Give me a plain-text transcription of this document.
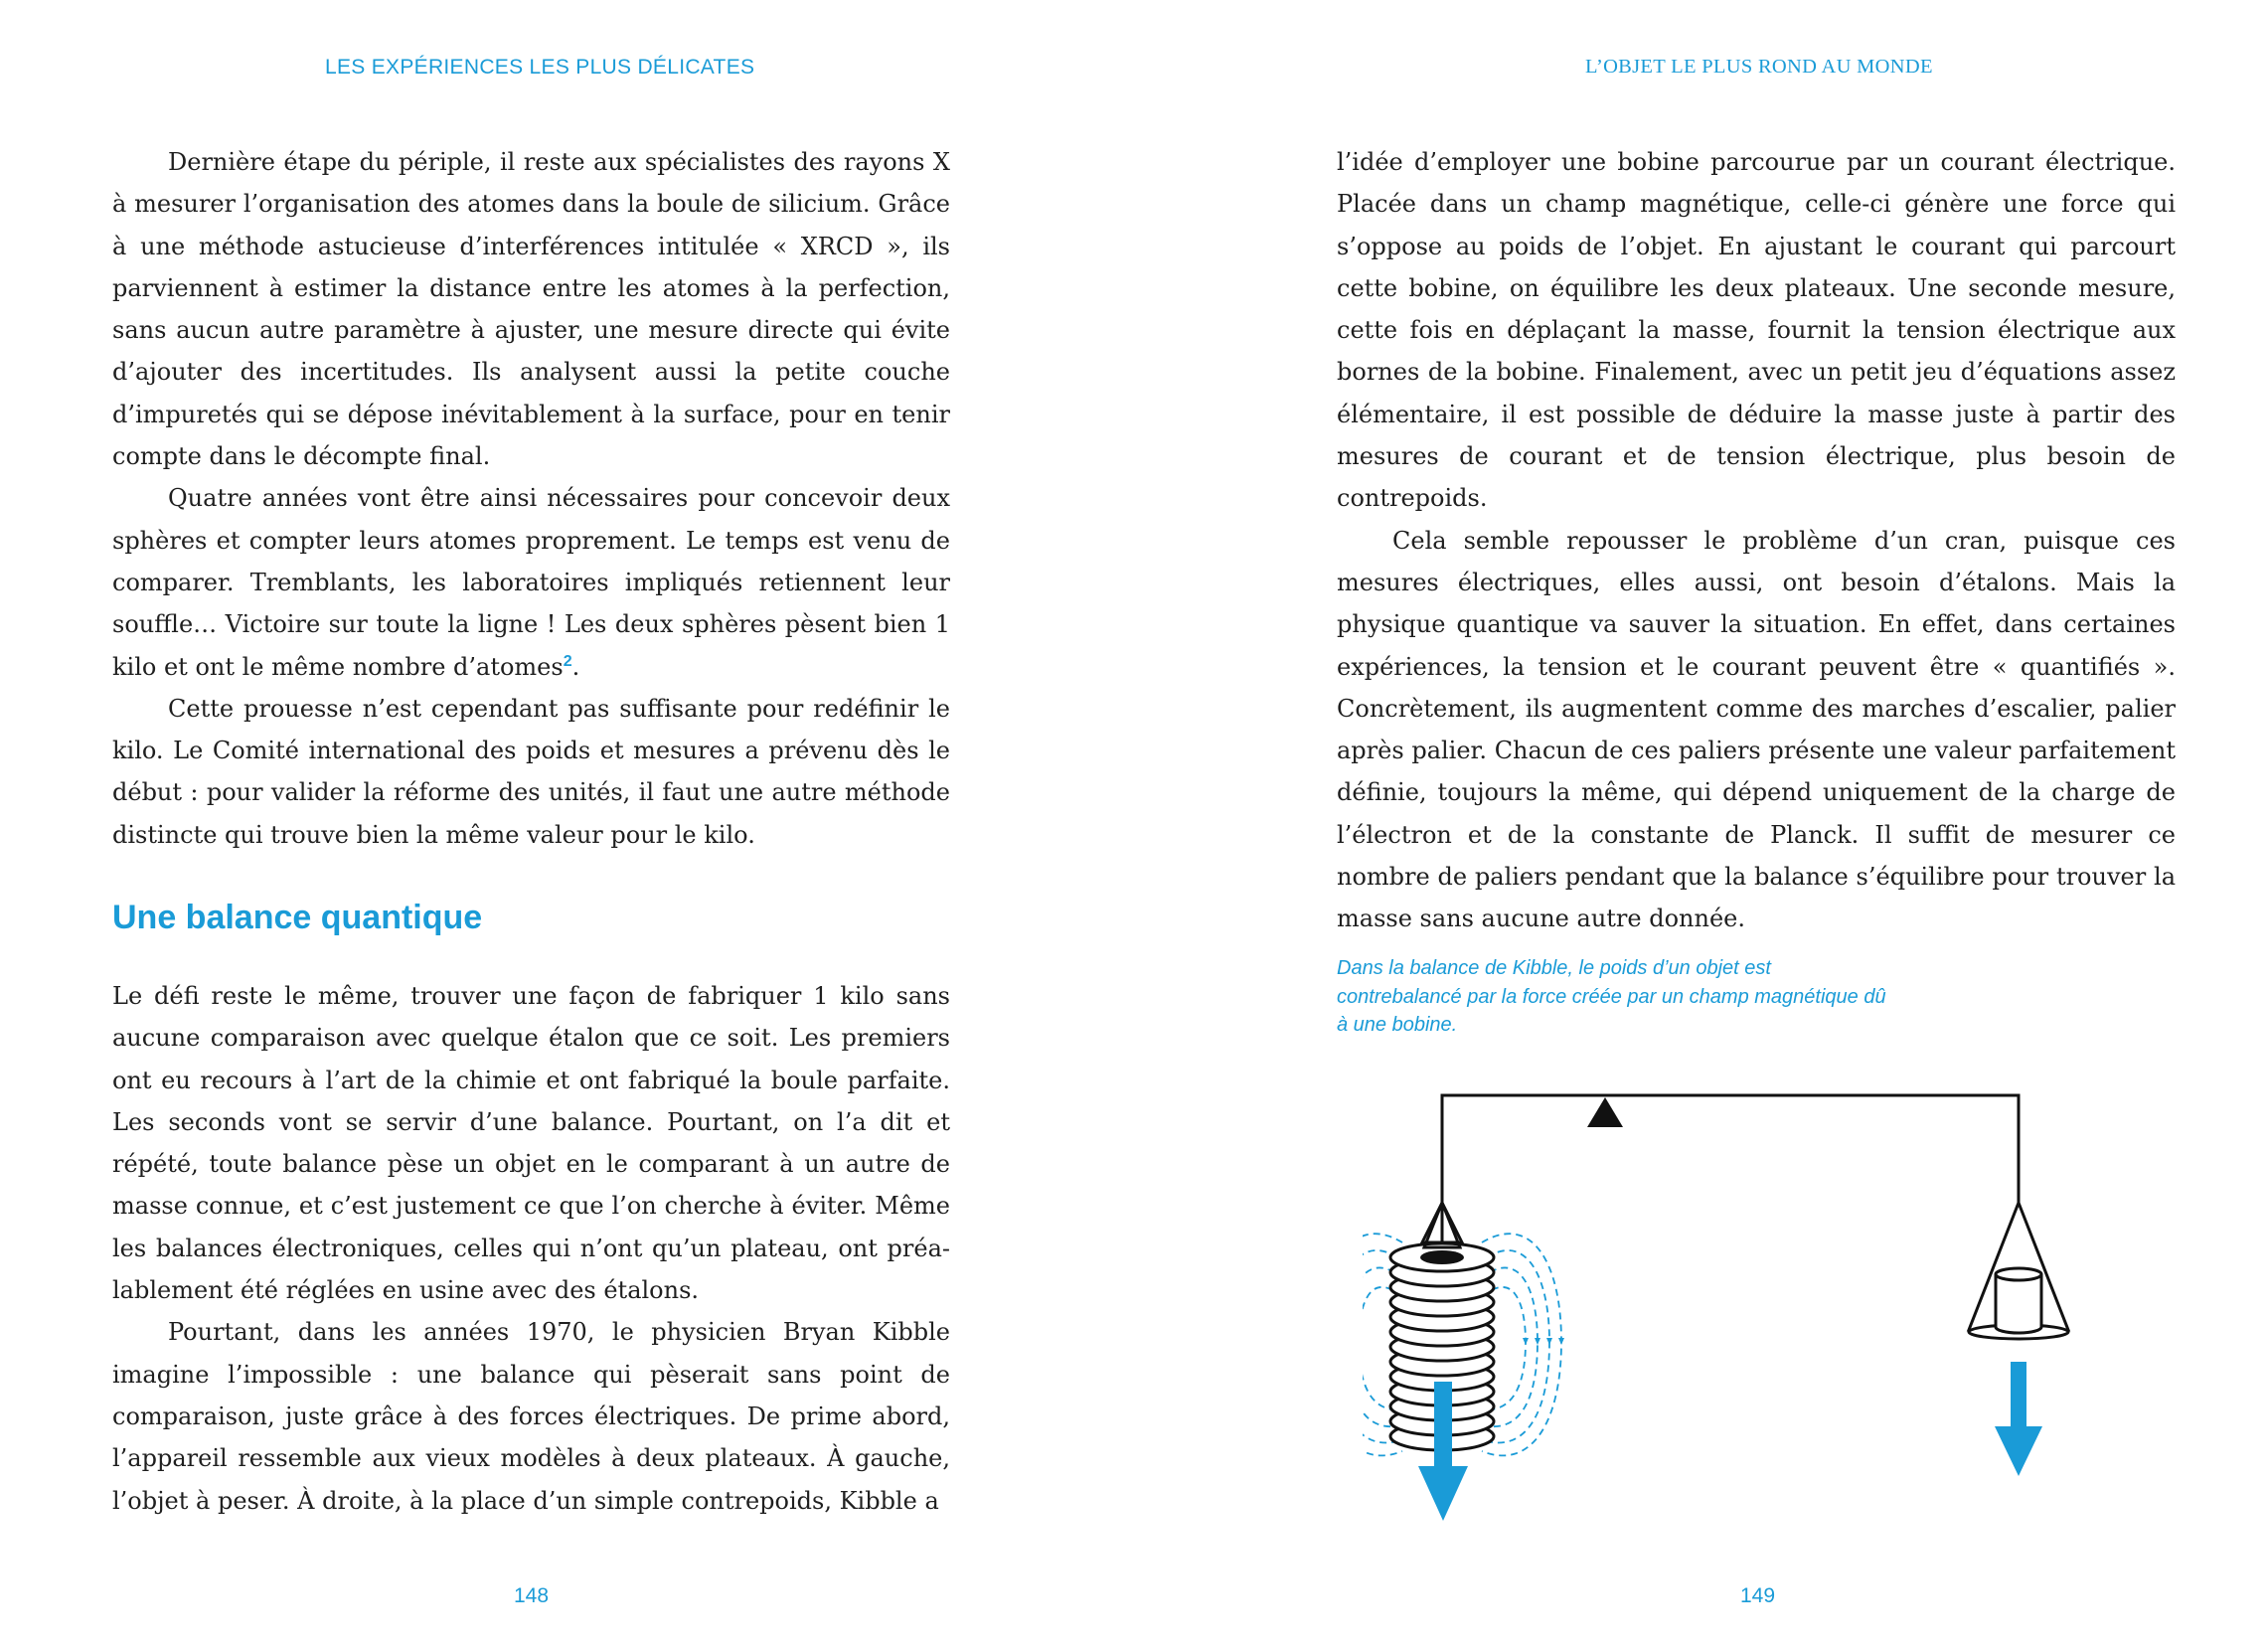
LES EXPÉRIENCES LES PLUS DÉLICATES

Dernière étape du périple, il reste aux spécialistes des rayons X à mesurer l’organisation des atomes dans la boule de silicium. Grâce à une méthode astucieuse d’interférences intitulée « XRCD », ils parviennent à estimer la distance entre les atomes à la perfection, sans aucun autre paramètre à ajuster, une mesure directe qui évite d’ajouter des incertitudes. Ils analysent aussi la petite couche d’impuretés qui se dépose inévitablement à la surface, pour en tenir compte dans le décompte final.

Quatre années vont être ainsi nécessaires pour concevoir deux sphères et compter leurs atomes proprement. Le temps est venu de comparer. Tremblants, les laboratoires impliqués retiennent leur souffle… Victoire sur toute la ligne ! Les deux sphères pèsent bien 1 kilo et ont le même nombre d’atomes$^2$.

Cette prouesse n’est cependant pas suffisante pour redéfinir le kilo. Le Comité international des poids et mesures a prévenu dès le début : pour valider la réforme des unités, il faut une autre méthode distincte qui trouve bien la même valeur pour le kilo.

Une balance quantique

Le défi reste le même, trouver une façon de fabriquer 1 kilo sans aucune comparaison avec quelque étalon que ce soit. Les premiers ont eu recours à l’art de la chimie et ont fabriqué la boule parfaite. Les seconds vont se servir d’une balance. Pourtant, on l’a dit et répété, toute balance pèse un objet en le comparant à un autre de masse connue, et c’est justement ce que l’on cherche à éviter. Même les balances électroniques, celles qui n’ont qu’un plateau, ont préalablement été réglées en usine avec des étalons.

Pourtant, dans les années 1970, le physicien Bryan Kibble imagine l’impossible : une balance qui pèserait sans point de comparaison, juste grâce à des forces électriques. De prime abord, l’appareil ressemble aux vieux modèles à deux plateaux. À gauche, l’objet à peser. À droite, à la place d’un simple contrepoids, Kibble a

148
L’OBJET LE PLUS ROND AU MONDE

l’idée d’employer une bobine parcourue par un courant électrique. Placée dans un champ magnétique, celle-ci génère une force qui s’oppose au poids de l’objet. En ajustant le courant qui parcourt cette bobine, on équilibre les deux plateaux. Une seconde mesure, cette fois en déplaçant la masse, fournit la tension électrique aux bornes de la bobine. Finalement, avec un petit jeu d’équations assez élémentaire, il est possible de déduire la masse juste à partir des mesures de courant et de tension électrique, plus besoin de contrepoids.

Cela semble repousser le problème d’un cran, puisque ces mesures électriques, elles aussi, ont besoin d’étalons. Mais la physique quantique va sauver la situation. En effet, dans certaines expériences, la tension et le courant peuvent être « quantifiés ». Concrètement, ils augmentent comme des marches d’escalier, palier après palier. Chacun de ces paliers présente une valeur parfaitement définie, toujours la même, qui dépend uniquement de la charge de l’électron et de la constante de Planck. Il suffit de mesurer ce nombre de paliers pendant que la balance s’équilibre pour trouver la masse sans aucune autre donnée.

Dans la balance de Kibble, le poids d’un objet est contrebalancé par la force créée par un champ magnétique dû à une bobine.

149
